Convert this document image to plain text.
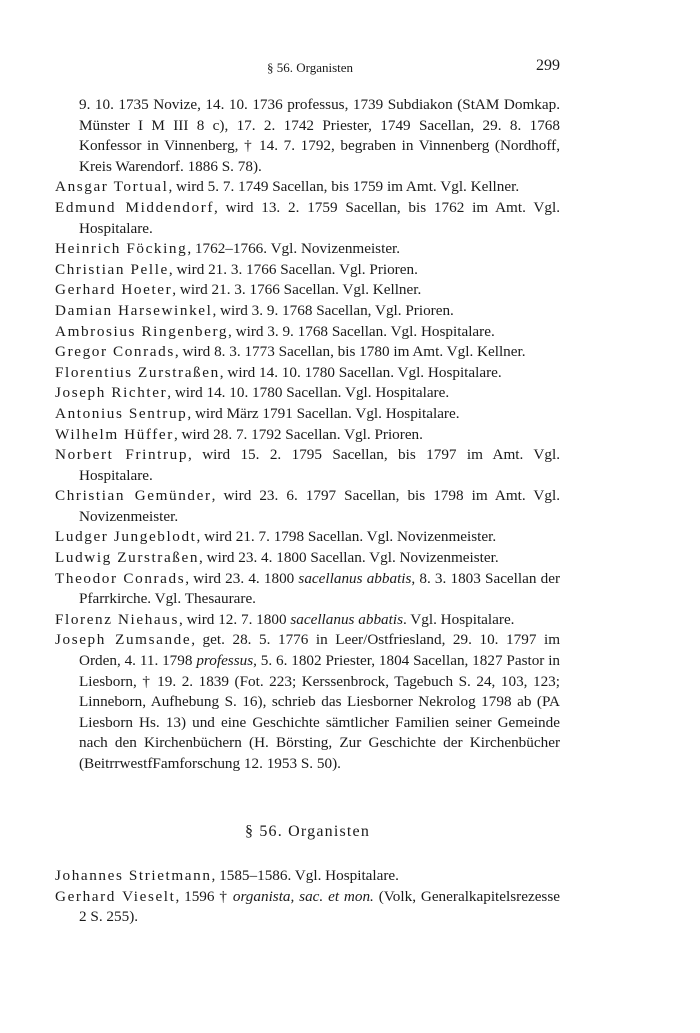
§ 56. Organisten	299

9. 10. 1735 Novize, 14. 10. 1736 professus, 1739 Subdiakon (StAM Domkap. Münster I M III 8 c), 17. 2. 1742 Priester, 1749 Sacellan, 29. 8. 1768 Konfessor in Vinnenberg, † 14. 7. 1792, begraben in Vinnenberg (Nordhoff, Kreis Warendorf. 1886 S. 78).

Ansgar Tortual, wird 5. 7. 1749 Sacellan, bis 1759 im Amt. Vgl. Kellner.

Edmund Middendorf, wird 13. 2. 1759 Sacellan, bis 1762 im Amt. Vgl. Hospitalare.

Heinrich Föcking, 1762–1766. Vgl. Novizenmeister.

Christian Pelle, wird 21. 3. 1766 Sacellan. Vgl. Prioren.

Gerhard Hoeter, wird 21. 3. 1766 Sacellan. Vgl. Kellner.

Damian Harsewinkel, wird 3. 9. 1768 Sacellan, Vgl. Prioren.

Ambrosius Ringenberg, wird 3. 9. 1768 Sacellan. Vgl. Hospitalare.

Gregor Conrads, wird 8. 3. 1773 Sacellan, bis 1780 im Amt. Vgl. Kellner.

Florentius Zurstraßen, wird 14. 10. 1780 Sacellan. Vgl. Hospitalare.

Joseph Richter, wird 14. 10. 1780 Sacellan. Vgl. Hospitalare.

Antonius Sentrup, wird März 1791 Sacellan. Vgl. Hospitalare.

Wilhelm Hüffer, wird 28. 7. 1792 Sacellan. Vgl. Prioren.

Norbert Frintrup, wird 15. 2. 1795 Sacellan, bis 1797 im Amt. Vgl. Hospitalare.

Christian Gemünder, wird 23. 6. 1797 Sacellan, bis 1798 im Amt. Vgl. Novizenmeister.

Ludger Jungeblodt, wird 21. 7. 1798 Sacellan. Vgl. Novizenmeister.

Ludwig Zurstraßen, wird 23. 4. 1800 Sacellan. Vgl. Novizenmeister.

Theodor Conrads, wird 23. 4. 1800 sacellanus abbatis, 8. 3. 1803 Sacellan der Pfarrkirche. Vgl. Thesaurare.

Florenz Niehaus, wird 12. 7. 1800 sacellanus abbatis. Vgl. Hospitalare.

Joseph Zumsande, get. 28. 5. 1776 in Leer/Ostfriesland, 29. 10. 1797 im Orden, 4. 11. 1798 professus, 5. 6. 1802 Priester, 1804 Sacellan, 1827 Pastor in Liesborn, † 19. 2. 1839 (Fot. 223; Kerssenbrock, Tagebuch S. 24, 103, 123; Linneborn, Aufhebung S. 16), schrieb das Liesborner Nekrolog 1798 ab (PA Liesborn Hs. 13) und eine Geschichte sämtlicher Familien seiner Gemeinde nach den Kirchenbüchern (H. Börsting, Zur Geschichte der Kirchenbücher (BeitrrwestfFamforschung 12. 1953 S. 50).

§ 56. Organisten

Johannes Strietmann, 1585–1586. Vgl. Hospitalare.

Gerhard Vieselt, 1596 † organista, sac. et mon. (Volk, Generalkapitelsrezesse 2 S. 255).
